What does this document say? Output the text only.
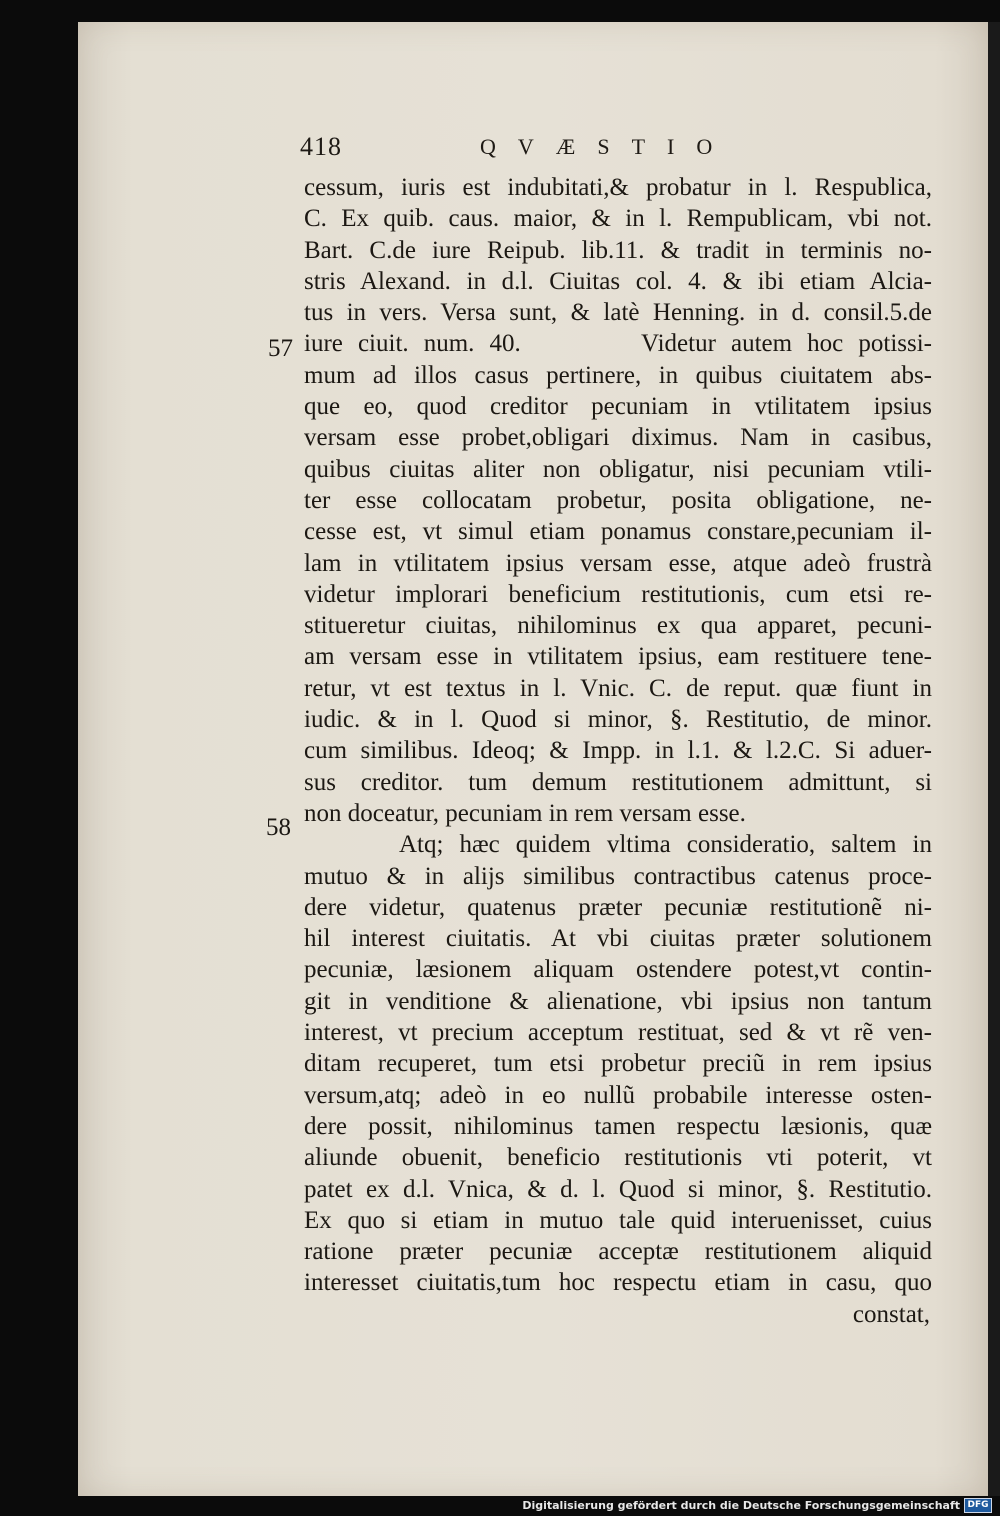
418	QVÆSTIO
57
58
cessum, iuris est indubitati,& probatur in l. Respublica,
C. Ex quib. caus. maior, & in l. Rempublicam, vbi not.
Bart. C.de iure Reipub. lib.11. & tradit in terminis no-
stris Alexand. in d.l. Ciuitas col. 4. & ibi etiam Alcia-
tus in vers. Versa sunt, & latè Henning. in d. consil.5.de
iure ciuit. num. 40.        Videtur autem hoc potissi-
mum ad illos casus pertinere, in quibus ciuitatem abs-
que eo, quod creditor pecuniam in vtilitatem ipsius
versam esse probet,obligari diximus. Nam in casibus,
quibus ciuitas aliter non obligatur, nisi pecuniam vtili-
ter esse collocatam probetur, posita obligatione, ne-
cesse est, vt simul etiam ponamus constare,pecuniam il-
lam in vtilitatem ipsius versam esse, atque adeò frustrà
videtur implorari beneficium restitutionis, cum etsi re-
stitueretur ciuitas, nihilominus ex qua apparet, pecuni-
am versam esse in vtilitatem ipsius, eam restituere tene-
retur, vt est textus in l. Vnic. C. de reput. quæ fiunt in
iudic. & in l. Quod si minor, §. Restitutio, de minor.
cum similibus. Ideoq; & Impp. in l.1. & l.2.C. Si aduer-
sus creditor. tum demum restitutionem admittunt, si
non doceatur, pecuniam in rem versam esse.
Atq; hæc quidem vltima consideratio, saltem in
mutuo & in alijs similibus contractibus catenus proce-
dere videtur, quatenus præter pecuniæ restitutionẽ ni-
hil interest ciuitatis. At vbi ciuitas præter solutionem
pecuniæ, læsionem aliquam ostendere potest,vt contin-
git in venditione & alienatione, vbi ipsius non tantum
interest, vt precium acceptum restituat, sed & vt rẽ ven-
ditam recuperet, tum etsi probetur preciũ in rem ipsius
versum,atq; adeò in eo nullũ probabile interesse osten-
dere possit, nihilominus tamen respectu læsionis, quæ
aliunde obuenit, beneficio restitutionis vti poterit, vt
patet ex d.l. Vnica, & d. l. Quod si minor, §. Restitutio.
Ex quo si etiam in mutuo tale quid interuenisset, cuius
ratione præter pecuniæ acceptæ restitutionem aliquid
interesset ciuitatis,tum hoc respectu etiam in casu, quo
constat,
Digitalisierung gefördert durch die Deutsche Forschungsgemeinschaft DFG
